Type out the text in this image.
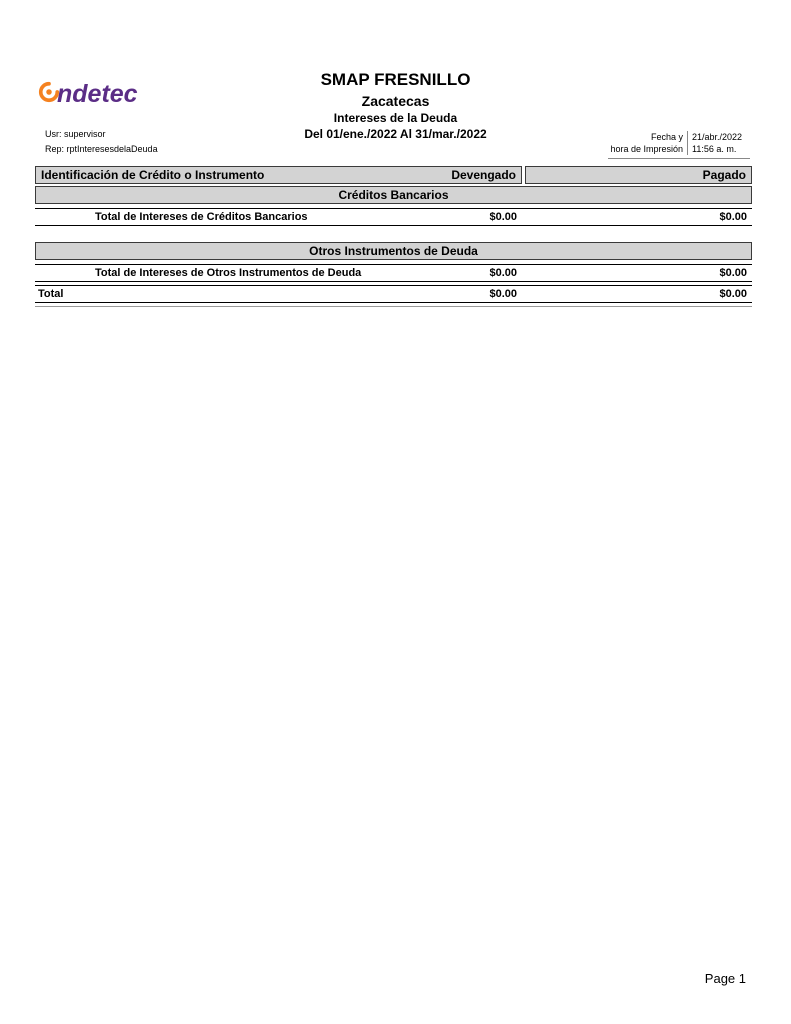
ndetec
SMAP FRESNILLO
Zacatecas
Intereses de la Deuda
Del 01/ene./2022 Al 31/mar./2022
Usr: supervisor
Rep: rptInteresesdelaDeuda
Fecha y
hora de Impresión
21/abr./2022
11:56 a. m.
Identificación de Crédito o Instrumento	Devengado	Pagado
Créditos Bancarios
Total de Intereses de Créditos Bancarios	$0.00	$0.00
Otros Instrumentos de Deuda
Total de Intereses de Otros Instrumentos de Deuda	$0.00	$0.00
Total	$0.00	$0.00
Page 1
